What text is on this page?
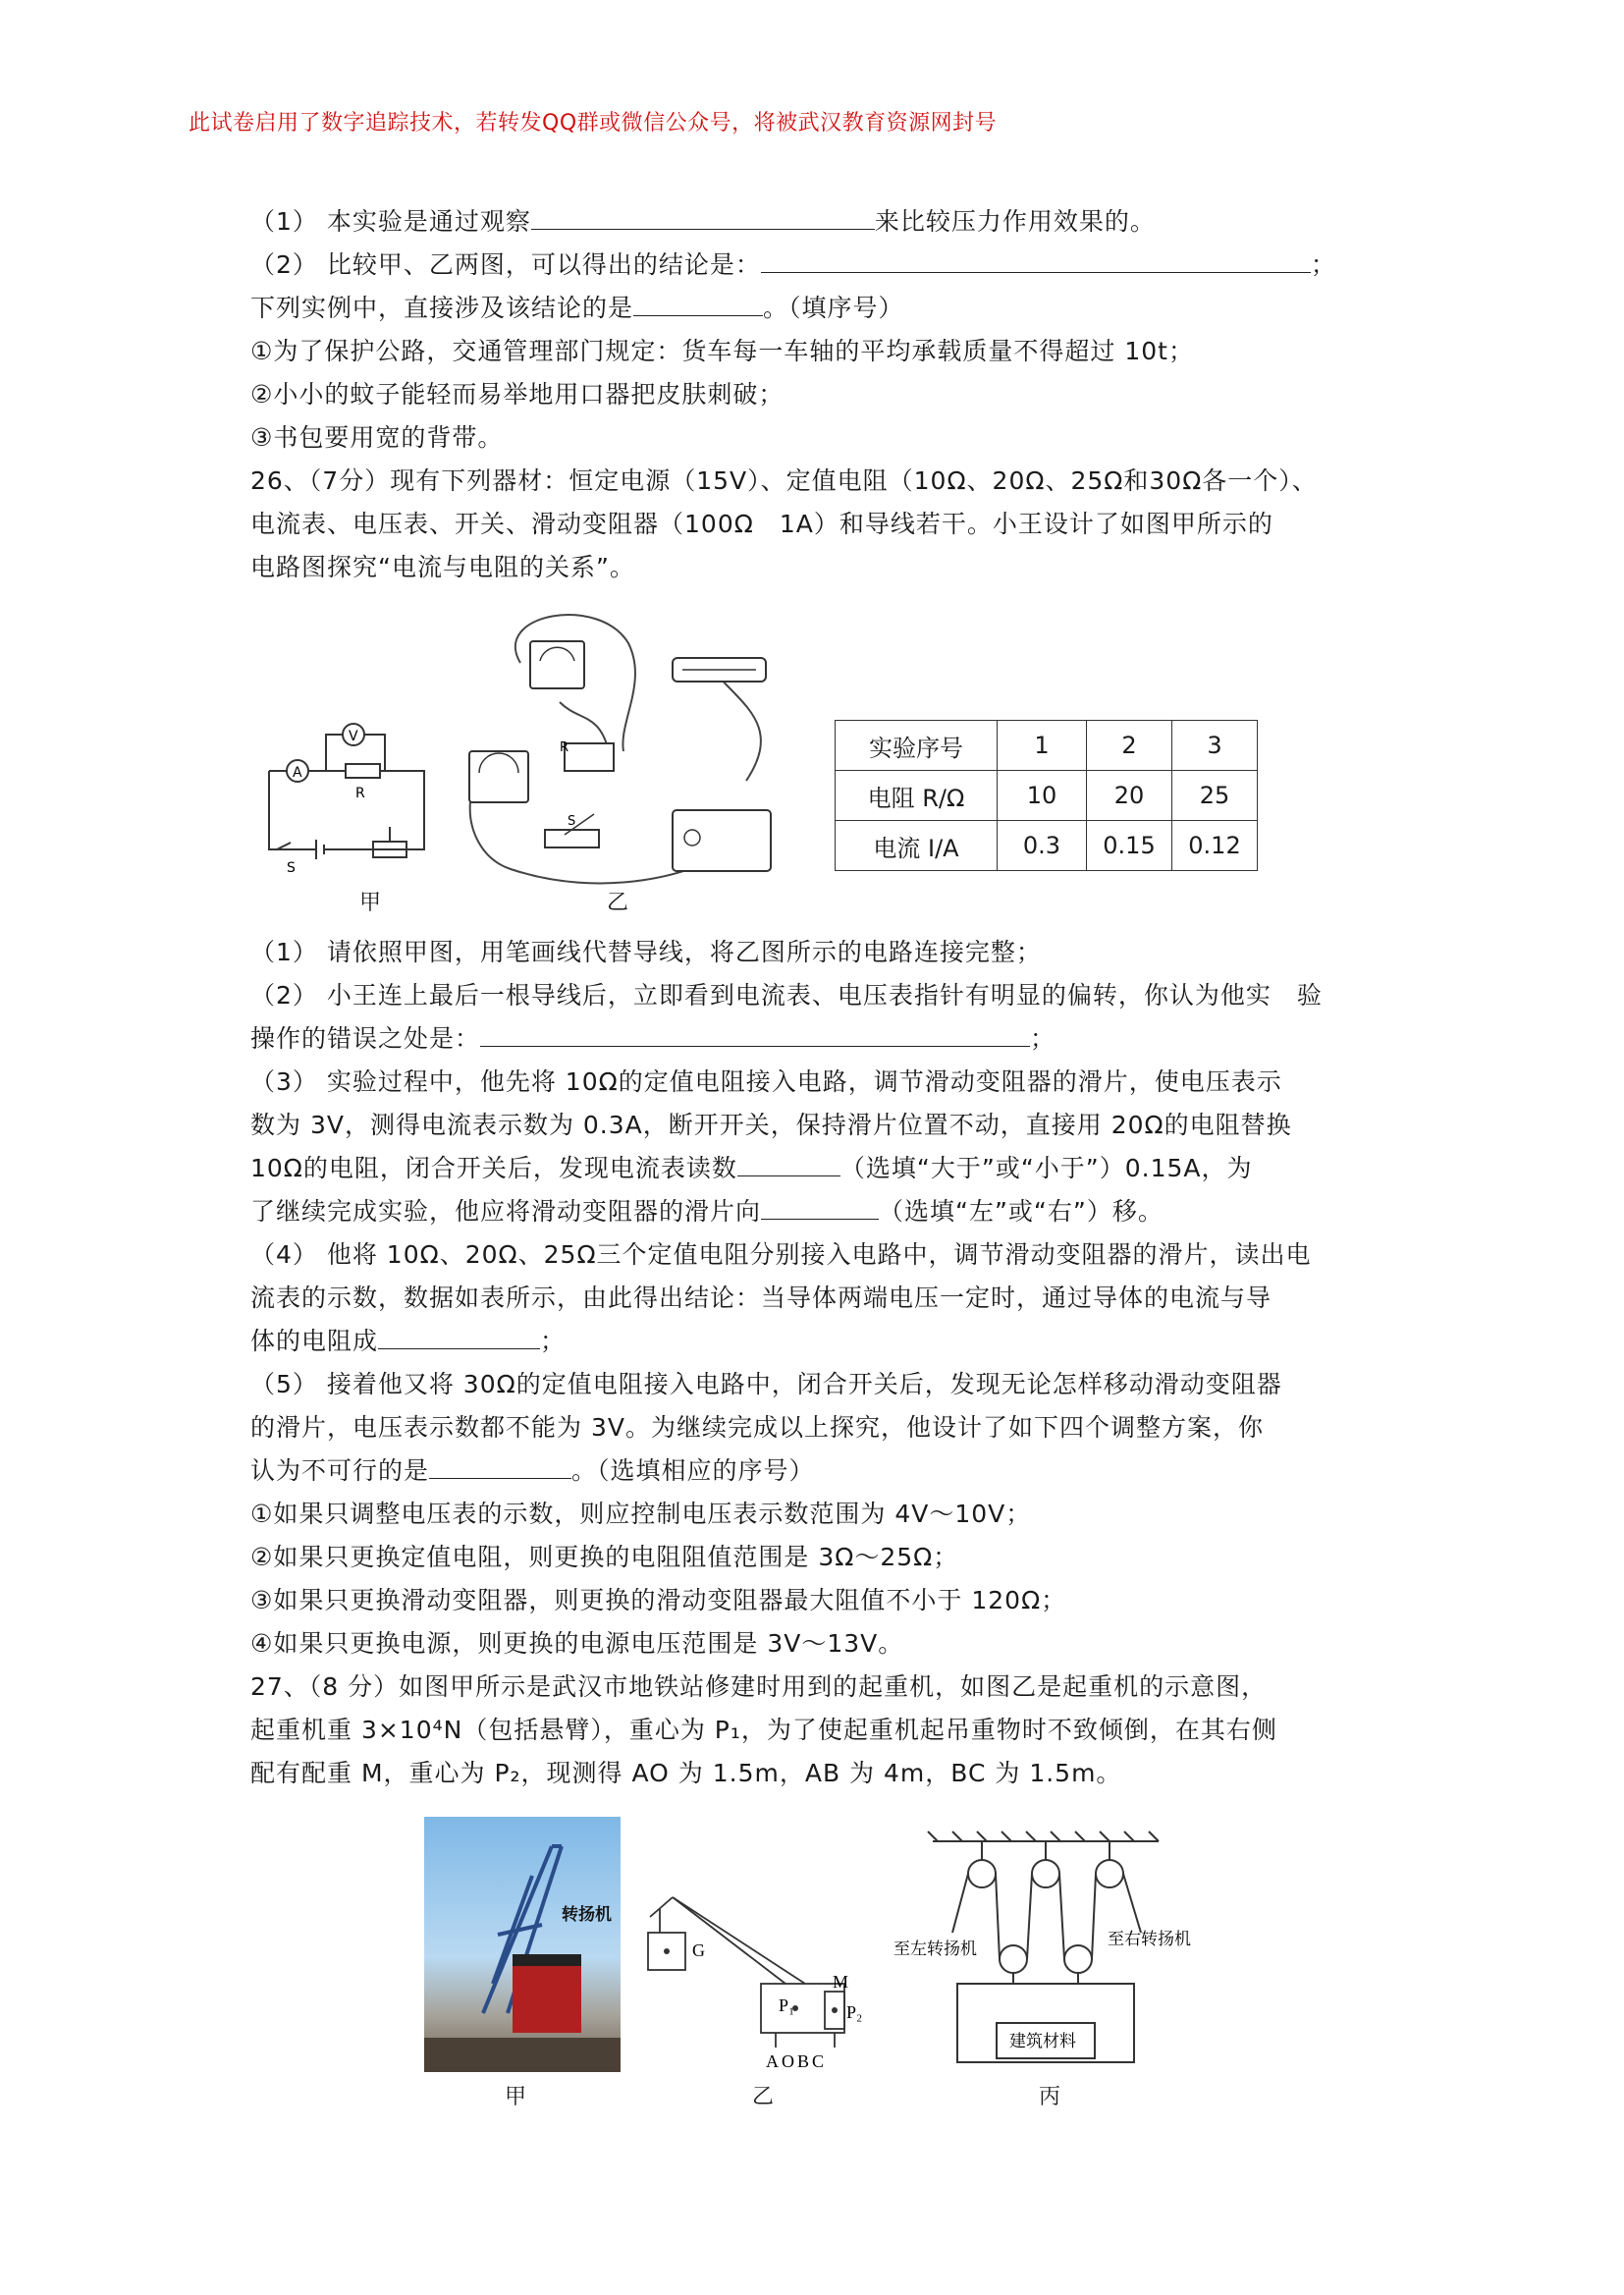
此试卷启用了数字追踪技术，若转发QQ群或微信公众号，将被武汉教育资源网封号
（1） 本实验是通过观察	来比较压力作用效果的。
（2） 比较甲、乙两图，可以得出的结论是：	；
下列实例中，直接涉及该结论的是	。（填序号）
①为了保护公路，交通管理部门规定：货车每一车轴的平均承载质量不得超过 10t；
②小小的蚊子能轻而易举地用口器把皮肤刺破；
③书包要用宽的背带。
26、（7分）现有下列器材：恒定电源（15V）、定值电阻（10Ω、20Ω、25Ω和30Ω各一个）、
电流表、电压表、开关、滑动变阻器（100Ω　1A）和导线若干。小王设计了如图甲所示的
电路图探究“电流与电阻的关系”。
A
V
R
S
甲
R
S
乙
实验序号	1	2	3
电阻 R/Ω	10	20	25
电流 I/A	0.3	0.15	0.12
（1） 请依照甲图，用笔画线代替导线，将乙图所示的电路连接完整；
（2） 小王连上最后一根导线后，立即看到电流表、电压表指针有明显的偏转，你认为他实　验
操作的错误之处是：	；
（3） 实验过程中，他先将 10Ω的定值电阻接入电路，调节滑动变阻器的滑片，使电压表示
数为 3V，测得电流表示数为 0.3A，断开开关，保持滑片位置不动，直接用 20Ω的电阻替换
10Ω的电阻，闭合开关后，发现电流表读数	（选填“大于”或“小于”）0.15A，为
了继续完成实验，他应将滑动变阻器的滑片向	（选填“左”或“右”）移。
（4） 他将 10Ω、20Ω、25Ω三个定值电阻分别接入电路中，调节滑动变阻器的滑片，读出电
流表的示数，数据如表所示，由此得出结论：当导体两端电压一定时，通过导体的电流与导
体的电阻成	；
（5） 接着他又将 30Ω的定值电阻接入电路中，闭合开关后，发现无论怎样移动滑动变阻器
的滑片，电压表示数都不能为 3V。为继续完成以上探究，他设计了如下四个调整方案，你
认为不可行的是	。（选填相应的序号）
①如果只调整电压表的示数，则应控制电压表示数范围为 4V～10V；
②如果只更换定值电阻，则更换的电阻阻值范围是 3Ω～25Ω；
③如果只更换滑动变阻器，则更换的滑动变阻器最大阻值不小于 120Ω；
④如果只更换电源，则更换的电源电压范围是 3V～13V。
27、（8 分）如图甲所示是武汉市地铁站修建时用到的起重机，如图乙是起重机的示意图，
起重机重 3×10⁴N（包括悬臂），重心为 P₁，为了使起重机起吊重物时不致倾倒，在其右侧
配有配重 M，重心为 P₂，现测得 AO 为 1.5m，AB 为 4m，BC 为 1.5m。
转扬机
甲
G
P₁	P₂
M
AOBC
乙
至左转扬机	至右转扬机
建筑材料
丙
